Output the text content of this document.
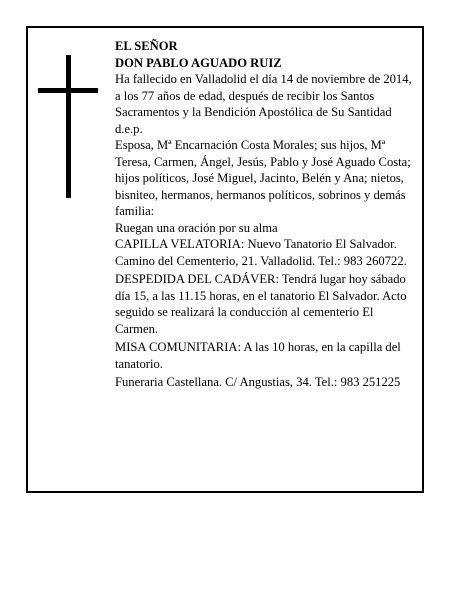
EL SEÑOR

DON PABLO AGUADO RUIZ

Ha fallecido en Valladolid el día 14 de noviembre de 2014, a los 77 años de edad, después de recibir los Santos Sacramentos y la Bendición Apostólica de Su Santidad

d.e.p.

Esposa, Mª Encarnación Costa Morales; sus hijos, Mª Teresa, Carmen, Ángel, Jesús, Pablo y José Aguado Costa; hijos políticos, José Miguel, Jacinto, Belén y Ana; nietos, bisniteo, hermanos, hermanos políticos, sobrinos y demás familia:

Ruegan una oración por su alma

CAPILLA VELATORIA: Nuevo Tanatorio El Salvador. Camino del Cementerio, 21. Valladolid. Tel.: 983 260722.

DESPEDIDA DEL CADÁVER: Tendrá lugar hoy sábado día 15, a las 11.15 horas, en el tanatorio El Salvador. Acto seguido se realizará la conducción al cementerio El Carmen.

MISA COMUNITARIA: A las 10 horas, en la capilla del tanatorio.

Funeraria Castellana. C/ Angustias, 34. Tel.: 983 251225
